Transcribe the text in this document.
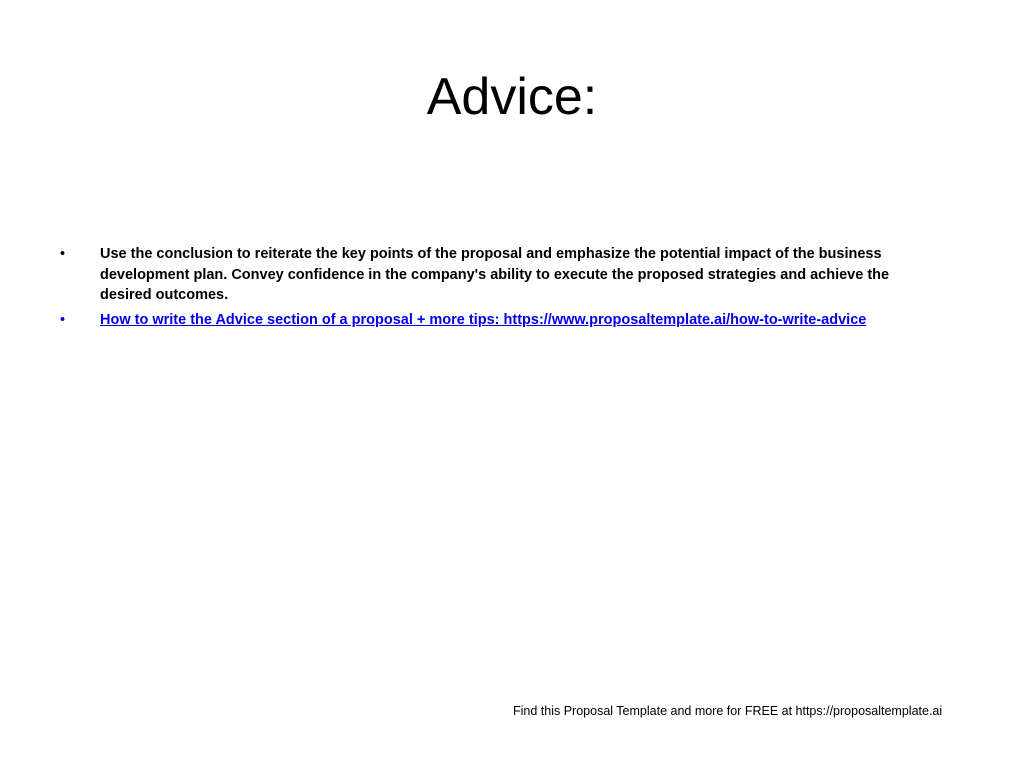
Advice:
•	Use the conclusion to reiterate the key points of the proposal and emphasize the potential impact of the business development plan. Convey confidence in the company's ability to execute the proposed strategies and achieve the desired outcomes.
•	How to write the Advice section of a proposal + more tips: https://www.proposaltemplate.ai/how-to-write-advice
Find this Proposal Template and more for FREE at https://proposaltemplate.ai
